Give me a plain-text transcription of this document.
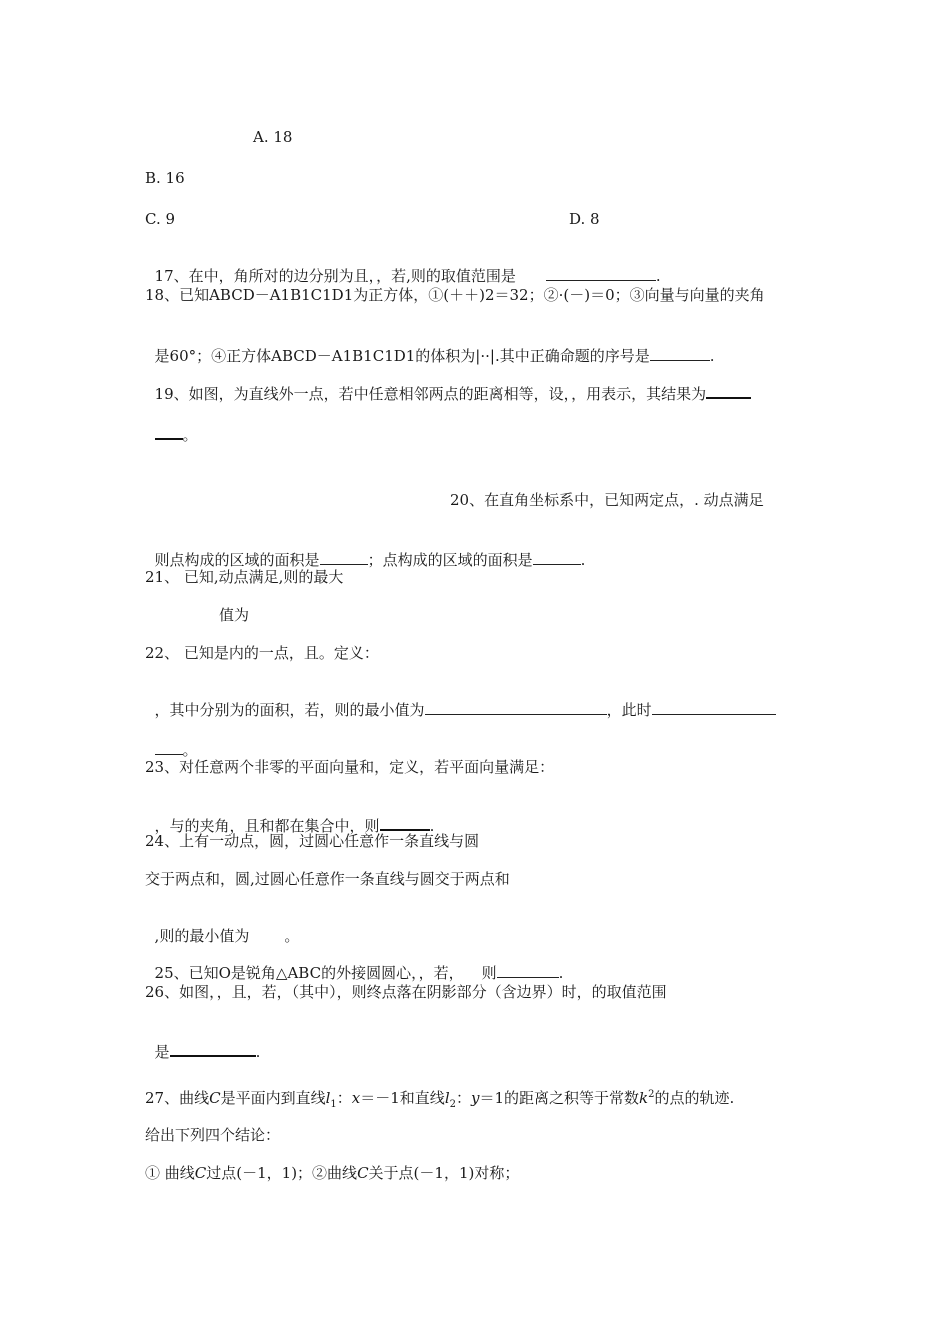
A. 18
B. 16
C. 9	D. 8

17、在中，角所对的边分别为且，，若,则的取值范围是	.

18、已知ABCD－A1B1C1D1为正方体，①(＋＋)2＝32；②·(－)＝0；③向量与向量的夹角

是60°；④正方体ABCD－A1B1C1D1的体积为|··|.其中正确命题的序号是	.

19、如图，为直线外一点，若中任意相邻两点的距离相等，设，，用表示，其结果为

。

20、在直角坐标系中，已知两定点，. 动点满足

则点构成的区域的面积是	；点构成的区域的面积是	.

21、 已知,动点满足,则的最大
值为
22、 已知是内的一点，且。定义：

，其中分别为的面积，若，则的最小值为	，此时

。

23、对任意两个非零的平面向量和，定义，若平面向量满足：

，与的夹角，且和都在集合中，则	.

24、上有一动点，圆，过圆心任意作一条直线与圆
交于两点和，圆,过圆心任意作一条直线与圆交于两点和

,则的最小值为 。

25、已知O是锐角△ABC的外接圆圆心，，若， 则	.

26、如图，，且，若，（其中），则终点落在阴影部分（含边界）时，的取值范围

是	.

27、曲线C是平面内到直线$l_1$：x＝－1和直线$l_2$：y＝1的距离之积等于常数$k^2$的点的轨迹.
给出下列四个结论：
① 曲线C过点(－1，1)；②曲线C关于点(－1，1)对称；
